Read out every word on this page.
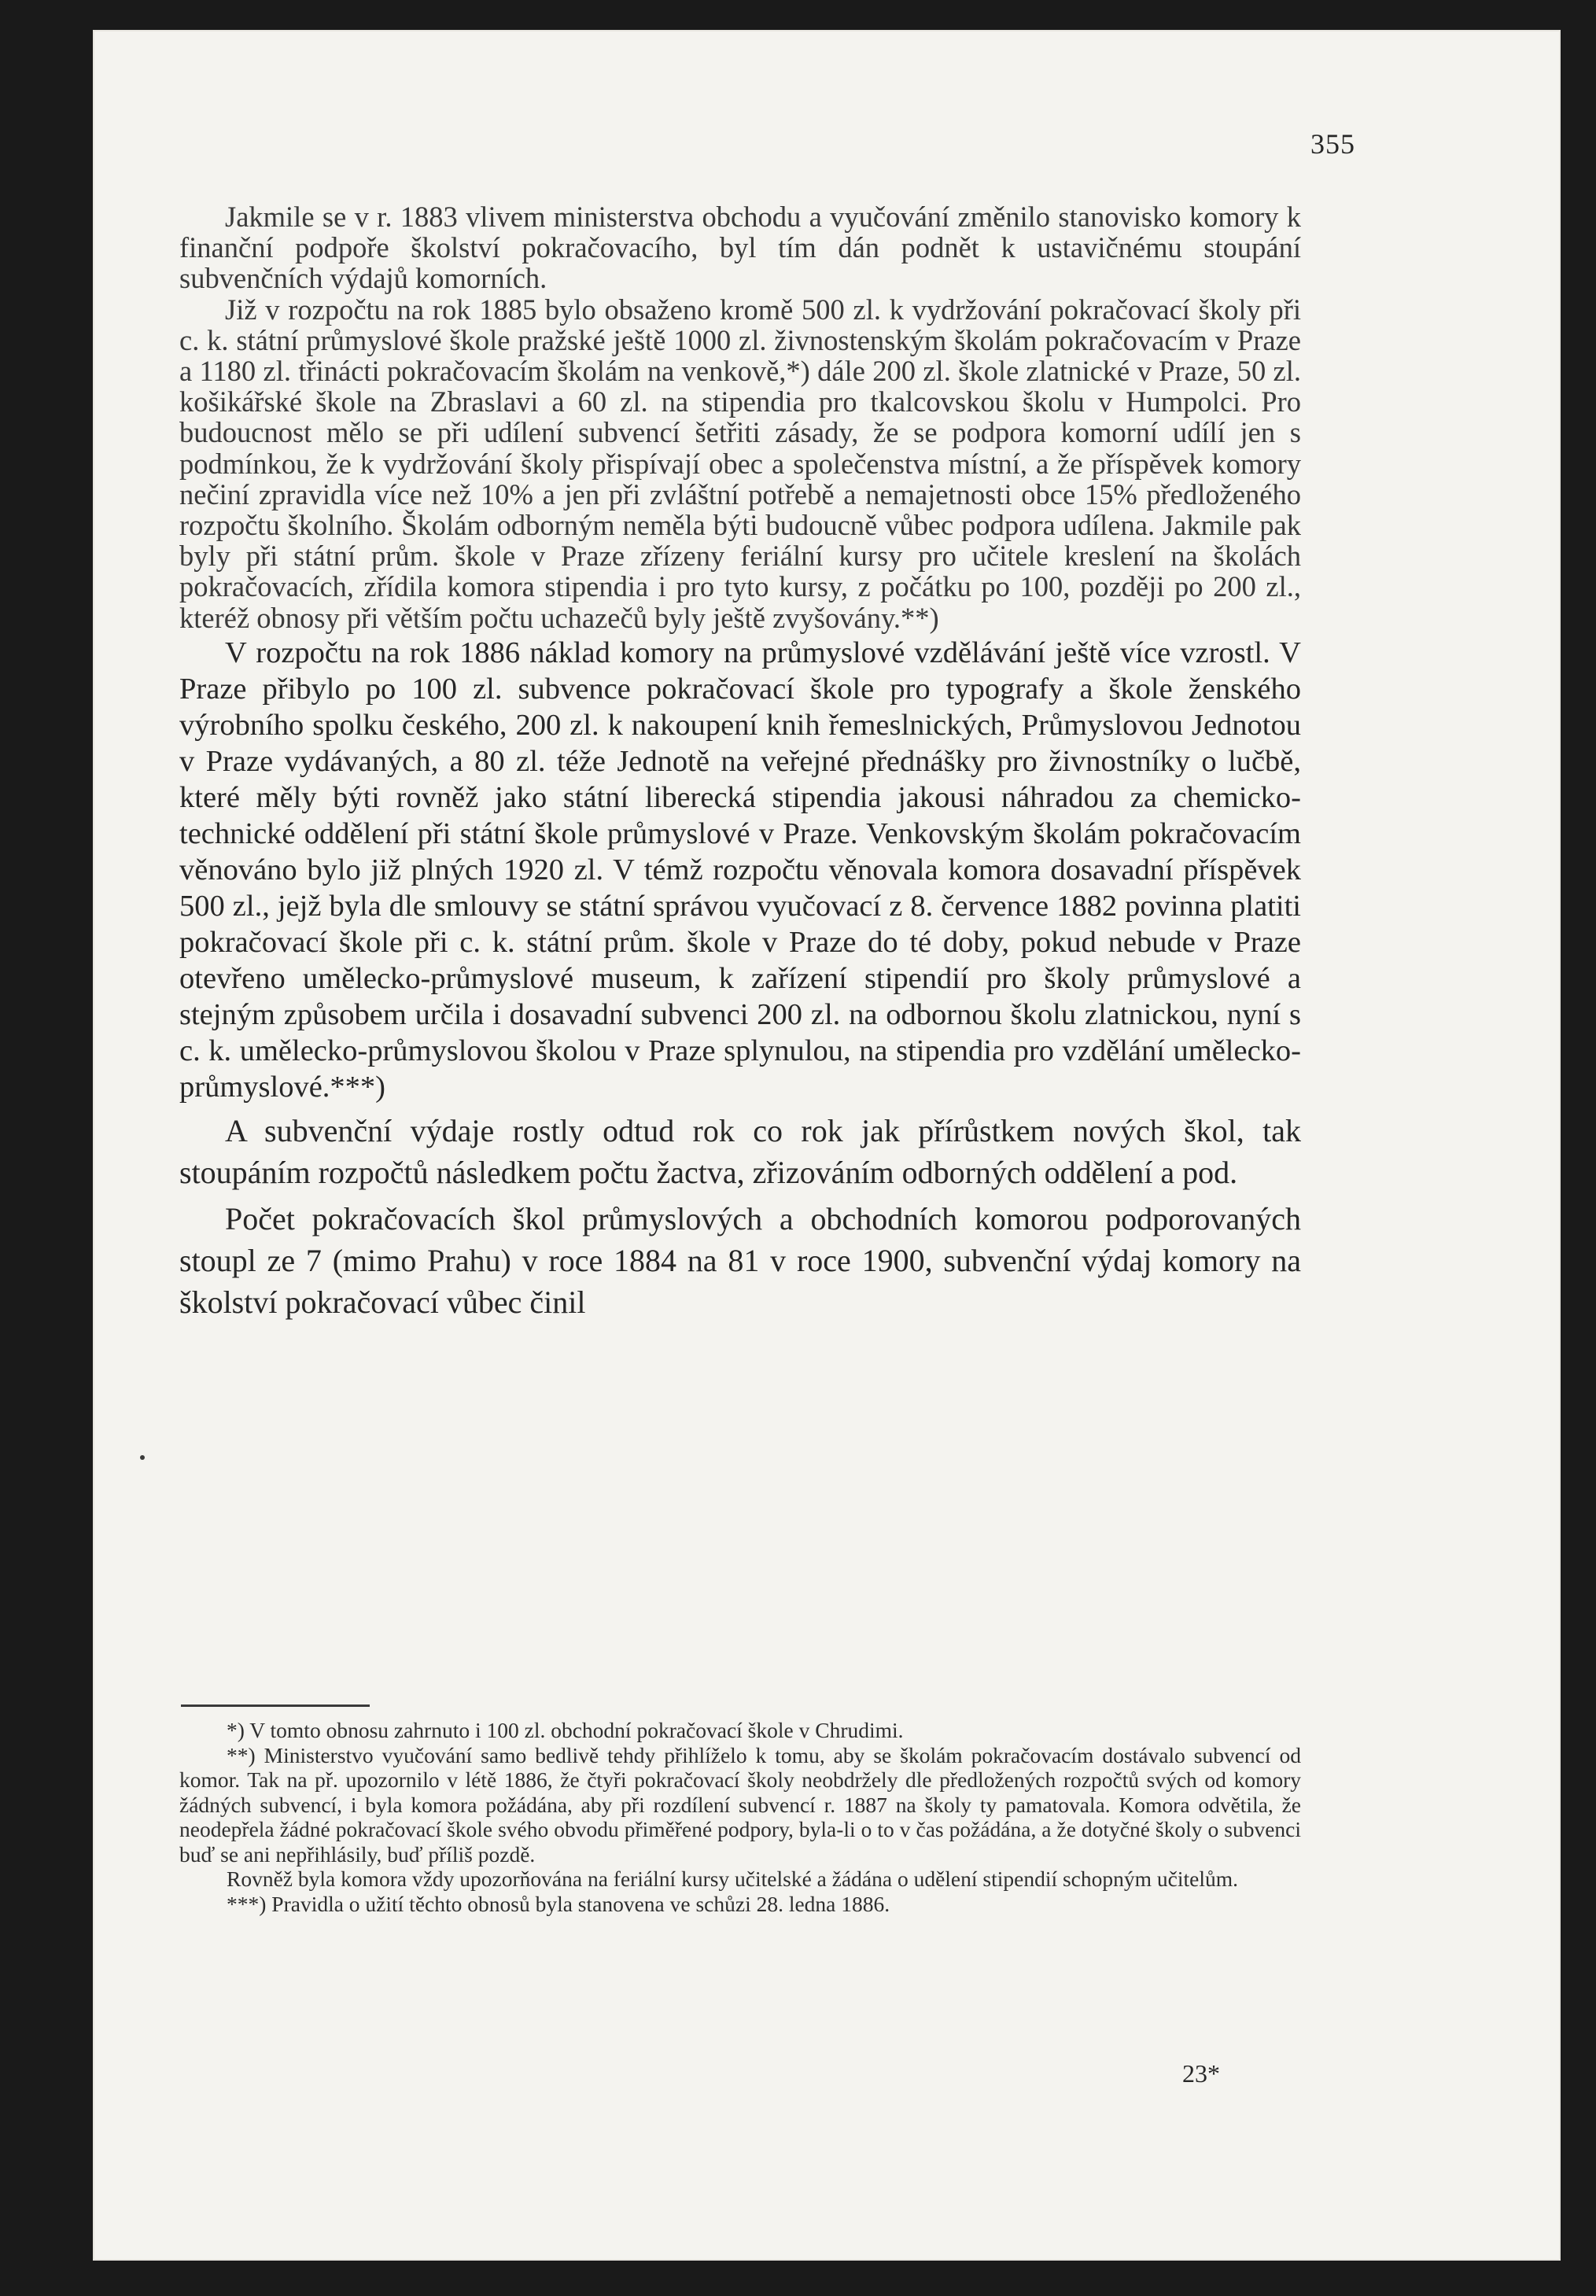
355

Jakmile se v r. 1883 vlivem ministerstva obchodu a vyučování změnilo stanovisko komory k finanční podpoře školství pokračovacího, byl tím dán podnět k ustavičnému stoupání subvenčních výdajů komorních.

Již v rozpočtu na rok 1885 bylo obsaženo kromě 500 zl. k vydržování pokračovací školy při c. k. státní průmyslové škole pražské ještě 1000 zl. živnostenským školám pokračovacím v Praze a 1180 zl. třinácti pokračovacím školám na venkově,*) dále 200 zl. škole zlatnické v Praze, 50 zl. košikářské škole na Zbraslavi a 60 zl. na stipendia pro tkalcovskou školu v Humpolci. Pro budoucnost mělo se při udílení subvencí šetřiti zásady, že se podpora komorní udílí jen s podmínkou, že k vydržování školy přispívají obec a společenstva místní, a že příspěvek komory nečiní zpravidla více než 10% a jen při zvláštní potřebě a nemajetnosti obce 15% předloženého rozpočtu školního. Školám odborným neměla býti budoucně vůbec podpora udílena. Jakmile pak byly při státní prům. škole v Praze zřízeny feriální kursy pro učitele kreslení na školách pokračovacích, zřídila komora stipendia i pro tyto kursy, z počátku po 100, později po 200 zl., kteréž obnosy při větším počtu uchazečů byly ještě zvyšovány.**)

V rozpočtu na rok 1886 náklad komory na průmyslové vzdělávání ještě více vzrostl. V Praze přibylo po 100 zl. subvence pokračovací škole pro typografy a škole ženského výrobního spolku českého, 200 zl. k nakoupení knih řemeslnických, Průmyslovou Jednotou v Praze vydávaných, a 80 zl. téže Jednotě na veřejné přednášky pro živnostníky o lučbě, které měly býti rovněž jako státní liberecká stipendia jakousi náhradou za chemicko-technické oddělení při státní škole průmyslové v Praze. Venkovským školám pokračovacím věnováno bylo již plných 1920 zl. V témž rozpočtu věnovala komora dosavadní příspěvek 500 zl., jejž byla dle smlouvy se státní správou vyučovací z 8. července 1882 povinna platiti pokračovací škole při c. k. státní prům. škole v Praze do té doby, pokud nebude v Praze otevřeno umělecko-průmyslové museum, k zařízení stipendií pro školy průmyslové a stejným způsobem určila i dosavadní subvenci 200 zl. na odbornou školu zlatnickou, nyní s c. k. umělecko-průmyslovou školou v Praze splynulou, na stipendia pro vzdělání umělecko-průmyslové.***)

A subvenční výdaje rostly odtud rok co rok jak přírůstkem nových škol, tak stoupáním rozpočtů následkem počtu žactva, zřizováním odborných oddělení a pod.

Počet pokračovacích škol průmyslových a obchodních komorou podporovaných stoupl ze 7 (mimo Prahu) v roce 1884 na 81 v roce 1900, subvenční výdaj komory na školství pokračovací vůbec činil

*) V tomto obnosu zahrnuto i 100 zl. obchodní pokračovací škole v Chrudimi.

**) Ministerstvo vyučování samo bedlivě tehdy přihlíželo k tomu, aby se školám pokračovacím dostávalo subvencí od komor. Tak na př. upozornilo v létě 1886, že čtyři pokračovací školy neobdržely dle předložených rozpočtů svých od komory žádných subvencí, i byla komora požádána, aby při rozdílení subvencí r. 1887 na školy ty pamatovala. Komora odvětila, že neodepřela žádné pokračovací škole svého obvodu přiměřené podpory, byla-li o to v čas požádána, a že dotyčné školy o subvenci buď se ani nepřihlásily, buď příliš pozdě.

Rovněž byla komora vždy upozorňována na feriální kursy učitelské a žádána o udělení stipendií schopným učitelům.

***) Pravidla o užití těchto obnosů byla stanovena ve schůzi 28. ledna 1886.

23*
